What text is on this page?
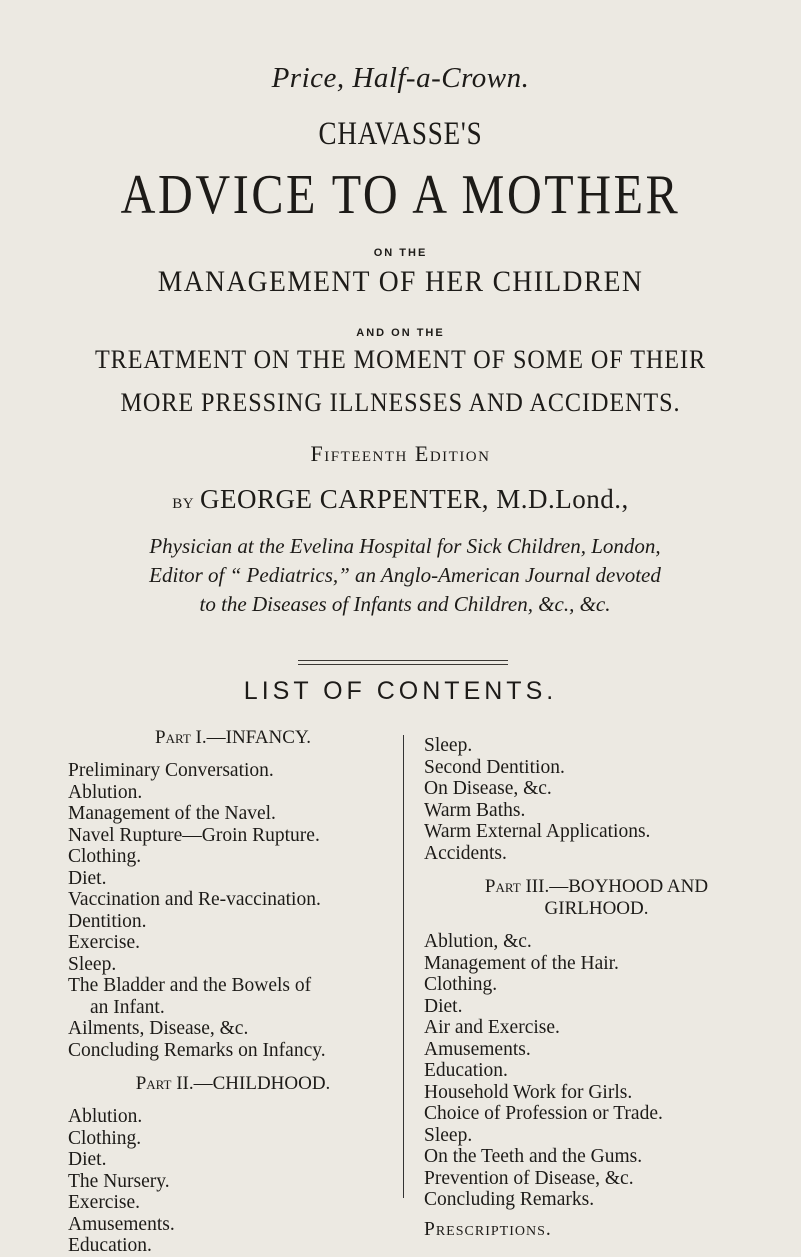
Price, Half-a-Crown.
CHAVASSE'S
ADVICE TO A MOTHER
ON THE
MANAGEMENT OF HER CHILDREN
AND ON THE
TREATMENT ON THE MOMENT OF SOME OF THEIR
MORE PRESSING ILLNESSES AND ACCIDENTS.
Fifteenth Edition
by GEORGE CARPENTER, M.D.Lond.,
Physician at the Evelina Hospital for Sick Children, London,
Editor of “ Pediatrics,” an Anglo-American Journal devoted
to the Diseases of Infants and Children, &c., &c.
LIST OF CONTENTS.
Part I.—INFANCY.
Preliminary Conversation.
Ablution.
Management of the Navel.
Navel Rupture—Groin Rupture.
Clothing.
Diet.
Vaccination and Re-vaccination.
Dentition.
Exercise.
Sleep.
The Bladder and the Bowels of
an Infant.
Ailments, Disease, &c.
Concluding Remarks on Infancy.
Part II.—CHILDHOOD.
Ablution.
Clothing.
Diet.
The Nursery.
Exercise.
Amusements.
Education.
Sleep.
Second Dentition.
On Disease, &c.
Warm Baths.
Warm External Applications.
Accidents.
Part III.—BOYHOOD AND
GIRLHOOD.
Ablution, &c.
Management of the Hair.
Clothing.
Diet.
Air and Exercise.
Amusements.
Education.
Household Work for Girls.
Choice of Profession or Trade.
Sleep.
On the Teeth and the Gums.
Prevention of Disease, &c.
Concluding Remarks.
Prescriptions.
